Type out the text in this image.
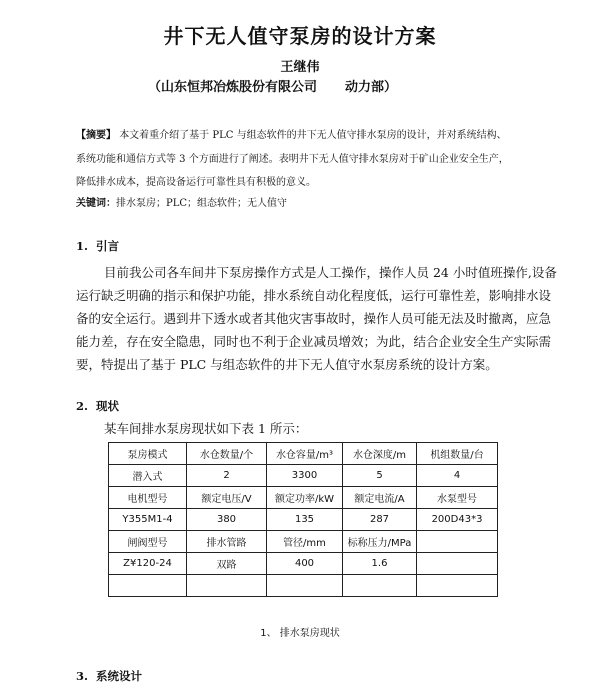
井下无人值守泵房的设计方案
王继伟
（山东恒邦冶炼股份有限公司 动力部）
【摘要】 本文着重介绍了基于 PLC 与组态软件的井下无人值守排水泵房的设计，并对系统结构、
系统功能和通信方式等 3 个方面进行了阐述。表明井下无人值守排水泵房对于矿山企业安全生产，
降低排水成本，提高设备运行可靠性具有积极的意义。
关键词：排水泵房；PLC；组态软件；无人值守
1. 引言
目前我公司各车间井下泵房操作方式是人工操作，操作人员 24 小时值班操作,设备
运行缺乏明确的指示和保护功能，排水系统自动化程度低，运行可靠性差，影响排水设
备的安全运行。遇到井下透水或者其他灾害事故时，操作人员可能无法及时撤离，应急
能力差，存在安全隐患，同时也不利于企业减员增效；为此，结合企业安全生产实际需
要，特提出了基于 PLC 与组态软件的井下无人值守水泵房系统的设计方案。
2. 现状
某车间排水泵房现状如下表 1 所示：
泵房模式	水仓数量/个	水仓容量/m³	水仓深度/m	机组数量/台
潜入式	2	3300	5	4
电机型号	额定电压/V	额定功率/kW	额定电流/A	水泵型号
Y355M1-4	380	135	287	200D43*3
闸阀型号	排水管路	管径/mm	标称压力/MPa	
Z¥120-24	双路	400	1.6	

1、 排水泵房现状
3. 系统设计
